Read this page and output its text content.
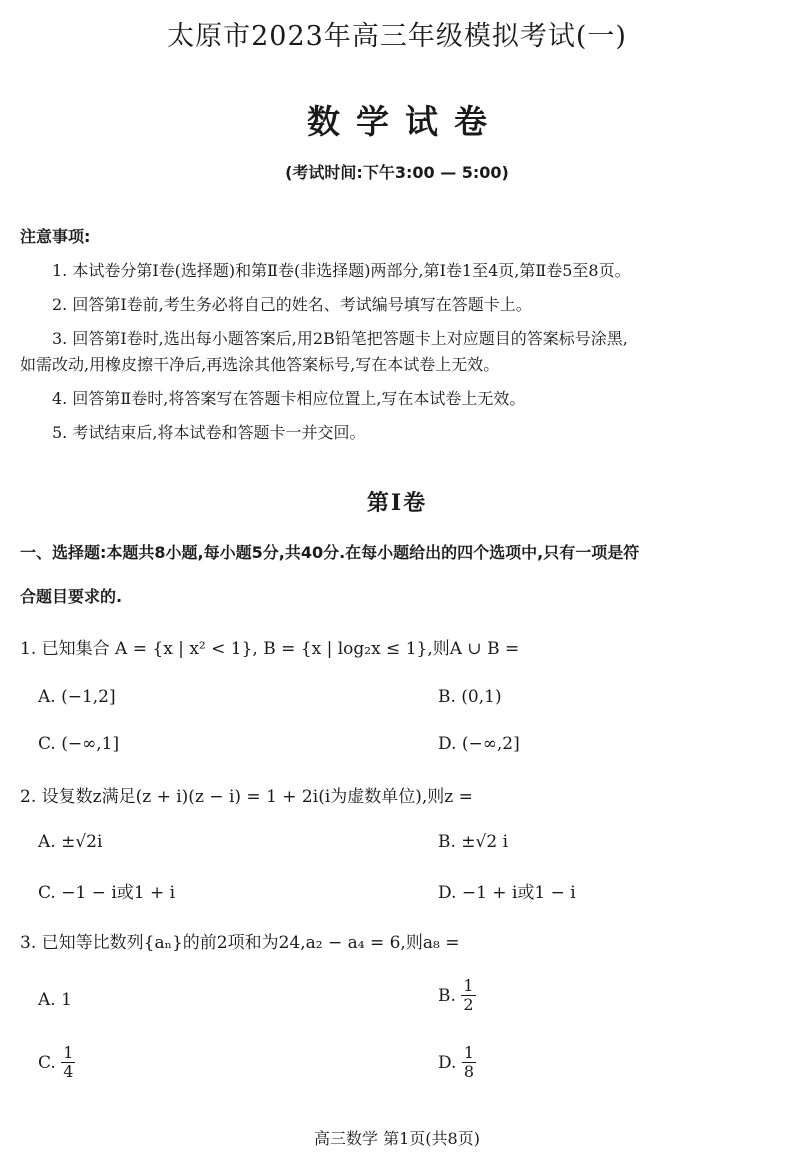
太原市2023年高三年级模拟考试(一)
数学试卷
(考试时间:下午3:00 — 5:00)
注意事项:
1. 本试卷分第Ⅰ卷(选择题)和第Ⅱ卷(非选择题)两部分,第Ⅰ卷1至4页,第Ⅱ卷5至8页。
2. 回答第Ⅰ卷前,考生务必将自己的姓名、考试编号填写在答题卡上。
3. 回答第Ⅰ卷时,选出每小题答案后,用2B铅笔把答题卡上对应题目的答案标号涂黑,
如需改动,用橡皮擦干净后,再选涂其他答案标号,写在本试卷上无效。
4. 回答第Ⅱ卷时,将答案写在答题卡相应位置上,写在本试卷上无效。
5. 考试结束后,将本试卷和答题卡一并交回。
第Ⅰ卷
一、选择题:本题共8小题,每小题5分,共40分.在每小题给出的四个选项中,只有一项是符
合题目要求的.
1. 已知集合 A = {x | x² < 1}, B = {x | log₂x ≤ 1},则A ∪ B =
A. (−1,2]	B. (0,1)
C. (−∞,1]	D. (−∞,2]
2. 设复数z满足(z + i)(z − i) = 1 + 2i(i为虚数单位),则z =
A. ±√2i	B. ±√2 i
C. −1 − i或1 + i	D. −1 + i或1 − i
3. 已知等比数列{aₙ}的前2项和为24,a₂ − a₄ = 6,则a₈ =
A. 1	B. $\frac{1}{2}$
C. $\frac{1}{4}$	D. $\frac{1}{8}$
高三数学 第1页(共8页)
